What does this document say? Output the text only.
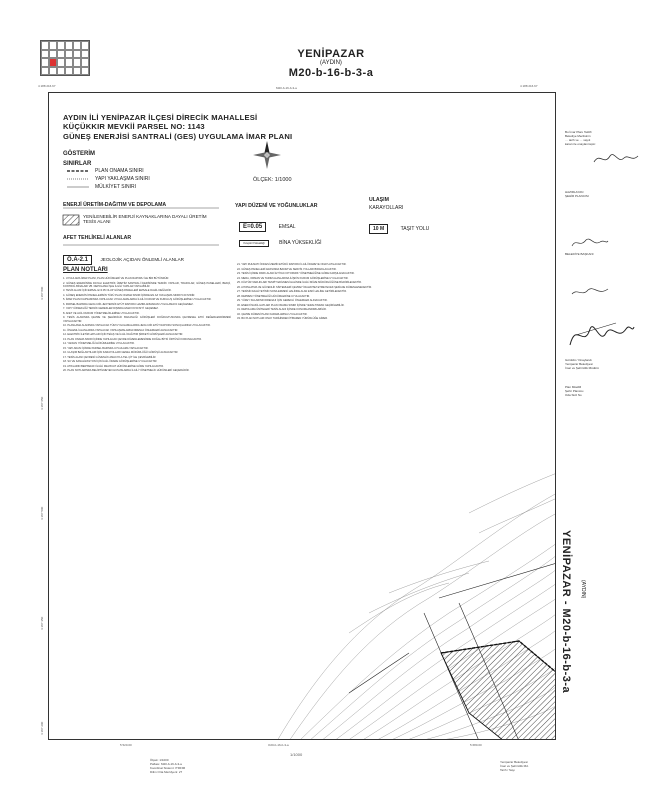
YENİPAZAR
(AYDIN)
M20-b-16-b-3-a
4 188 216.67	4 188 216.67
M20-b-16-b-3-a
4 187 800
4 187 650
4 187 500
4 187 350
4 187 200
5 520.00	5 680.00
O20-b-16-b-3-a
1/1000
AYDIN İLİ YENİPAZAR İLÇESİ DİRECİK MAHALLESİ
KÜÇÜKKIR MEVKİİ PARSEL NO: 1143
GÜNEŞ ENERJİSİ SANTRALİ (GES) UYGULAMA İMAR PLANI
GÖSTERİM
SINIRLAR
PLAN ONAMA SINIRI
YAPI YAKLAŞMA SINIRI
MÜLKİYET SINIRI
ÖLÇEK: 1/1000
ENERJİ ÜRETİM-DAĞITIM VE DEPOLAMA
YENİLENEBİLİR ENERJİ KAYNAKLARINA DAYALI ÜRETİM TESİS ALANI
AFET TEHLİKELİ ALANLAR
Ö.A-2.1	JEOLOJİK AÇIDAN ÖNLEMLİ ALANLAR
YAPI DÜZENİ VE YOĞUNLUKLAR
E=0.05	EMSAL
Yençok=Yüksekliği	BİNA YÜKSEKLİĞİ
ULAŞIM
KARAYOLLARI
10 M	TAŞIT YOLU
PLAN NOTLARI

1. UYGULAMA İMAR PLANI, PLAN HÜKÜMLERİ VE PLAN RAPORU İLE BİR BÜTÜNDÜR.

2. GÜNEŞ ENERJİSİNE DAYALI ELEKTRİK ÜRETİM SANTRALİ İÇERİSİNDE TEKNİK YAPILAR, TRAFOLAR, GÜNEŞ PANELLERİ, BEKÇİ, KONTROL BİNALARI VB. DEPOLAMA İŞLE İLGİLİ YAPILAR YAPILABİLİR.

3. TESİS ALANI İÇİN EMSAL E=0.05 OLUP GÜNEŞ PANELLERİ EMSALE DAHİL DEĞİLDİR.

4. GÜNEŞ ENERJİSİ PANELLERİNİN TÜZÜ PLAN ONAMA SINIRI İÇİNDE EN AZ YAKLAŞMA SINIRI 5.00 M'DİR.

5. İMAR PLANI KAPSAMINDA YAPILACAK UYGULAMALARDA İLGİLİ KURUM VE KURULUŞ GÖRÜŞLERİNE UYULACAKTIR.

6. PARSEL BAZINDA GEOLOJİK-JEOTEKNİK ETÜT RAPORU HAZIRLANMADAN UYGULAMAYA GEÇİLEMEZ.

7. YAPI YÜKSEKLİĞİ TEKNİK GEREKLER DIŞINDA HMAX=6.50 M'Yİ GEÇEMEZ.

8. AFET VE ACİL DURUM YÖNETMELİKLERİNE UYULACAKTIR.

9. TESİS ALANINDA ÇEVRE VE ŞEHİRCİLİK BAKANLIĞI GÖRÜŞLERİ DOĞRULTUSUNDA ÇEVRESEL ETKİ DEĞERLENDİRMESİ YAPILACAKTIR.

10. PLANLAMA ALANINDA YAPILACAK TÜM UYGULAMALARDA JEOLOJİK ETÜT RAPORU SONUÇLARINA UYULACAKTIR.

11. ÖNLEMLİ ALANLARDA YAPILACAK YAPILAŞMALARDA DRENAJ ÖNLEMLERİ ALINACAKTIR.

12. ELEKTRİK İLETİM HATLARI İÇİN TEİAŞ VE İLGİLİ DAĞITIM ŞİRKETİ GÖRÜŞLERİ ALINACAKTIR.

13. PLAN ONAMA SINIRI İÇİNDE YAPILACAK ÇEVRE DÜZENLEMESİNDE DOĞAL BİTKİ ÖRTÜSÜ KORUNACAKTIR.

14. YANGIN YÖNETMELİĞİ HÜKÜMLERİNE UYULACAKTIR.

15. YAPI ADASI İÇİNDE PARSEL BAZINDA UYGULAMA YAPILACAKTIR.

16. ULAŞIM BAĞLANTILARI İÇİN KARAYOLLARI GENEL MÜDÜRLÜĞÜ GÖRÜŞÜ ALINACAKTIR.

17. TESİS ALANI ÇEVRESİ GÜVENLİK AMACIYLA TEL ÇİT İLE ÇEVRİLEBİLİR.

18. SU VE KANALİZASYON İÇİN İLGİLİ İDARE GÖRÜŞLERİNE UYULACAKTIR.

19. ATIKLARIN BERTARAFI İLGİLİ MEVZUAT HÜKÜMLERİNE GÖRE YAPILACAKTIR.

20. PLAN NOTLARINDA BELİRTİLMEYEN HUSUSLARDA İLGİLİ YÖNETMELİK HÜKÜMLERİ GEÇERLİDİR.

21. YAPI RUHSATI ÖNCESİ ZEMİN ETÜDÜ RAPORU İLGİLİ İDAREYE ONAYLATILACAKTIR.

22. GÜNEŞ PANELLERİ ARASINDA BAKIM VE SERVİS YOLLARI BIRAKILACAKTIR.

23. TESİS İÇİNDE PARK ALANI İHTİYACI OTOPARK YÖNETMELİĞİNE GÖRE KARŞILANACAKTIR.

24. MERA, ORMAN VE TARIM ALANLARINA İLİŞKİN KURUM GÖRÜŞLERİNE UYULACAKTIR.

25. KÜLTÜR VARLIKLARI TESPİT EDİLMESİ HALİNDE İLGİLİ MÜZE MÜDÜRLÜĞÜNE BİLDİRİLECEKTİR.

26. AYDINLATMA VE GÜVENLİK SİSTEMLERİ ÇEVREYİ RAHATSIZ ETMEYECEK ŞEKİLDE DÜZENLENECEKTİR.

27. TESİSİN FAALİYETİNİN SONA ERMESİ HALİNDE ALAN ESKİ HALİNE GETİRİLECEKTİR.

28. DEPREM YÖNETMELİĞİ HÜKÜMLERİNE UYULACAKTIR.

29. YÜZEY SULARININ DRENAJI İÇİN GEREKLİ ÖNLEMLER ALINACAKTIR.

30. ENERJİ NAKİL HATLARI PLAN ONAMA SINIRI İÇİNDE YERALTINDAN GEÇİRİLEBİLİR.

31. DEPOLAMA ÜNİTELERİ TESİS ALANI İÇİNDE KONUMLANDIRILABİLİR.

32. ÇEVRE DÜZENİ PLANI KARARLARINA UYULACAKTIR.

33. BU PLAN NOTLARI ONAY TARİHİNDEN İTİBAREN YÜRÜRLÜĞE GİRER.

Bu İmar Planı Teklifi
Belediye Meclisinin
… tarih ve … sayılı
kararı ile onaylanmıştır.
HAZIRLAYAN
ŞEHİR PLANCISI
BELEDİYE BAŞKANI
Görüldü / Onaylandı
Yenipazar Belediyesi
İmar ve Şehircilik Müdürü
Plan Müellifi
Şehir Plancısı
Oda Sicil No
YENİPAZAR - M20-b-16-b-3-a
(AYDIN)
Ölçek: 1/1000
Paftası: M20-b-16-b-3-a
Koordinat Sistemi: ITRF96
Dilim Orta Meridyeni: 27
Yenipazar Belediyesi
İmar ve Şehircilik Md.
Tarih / Sayı
